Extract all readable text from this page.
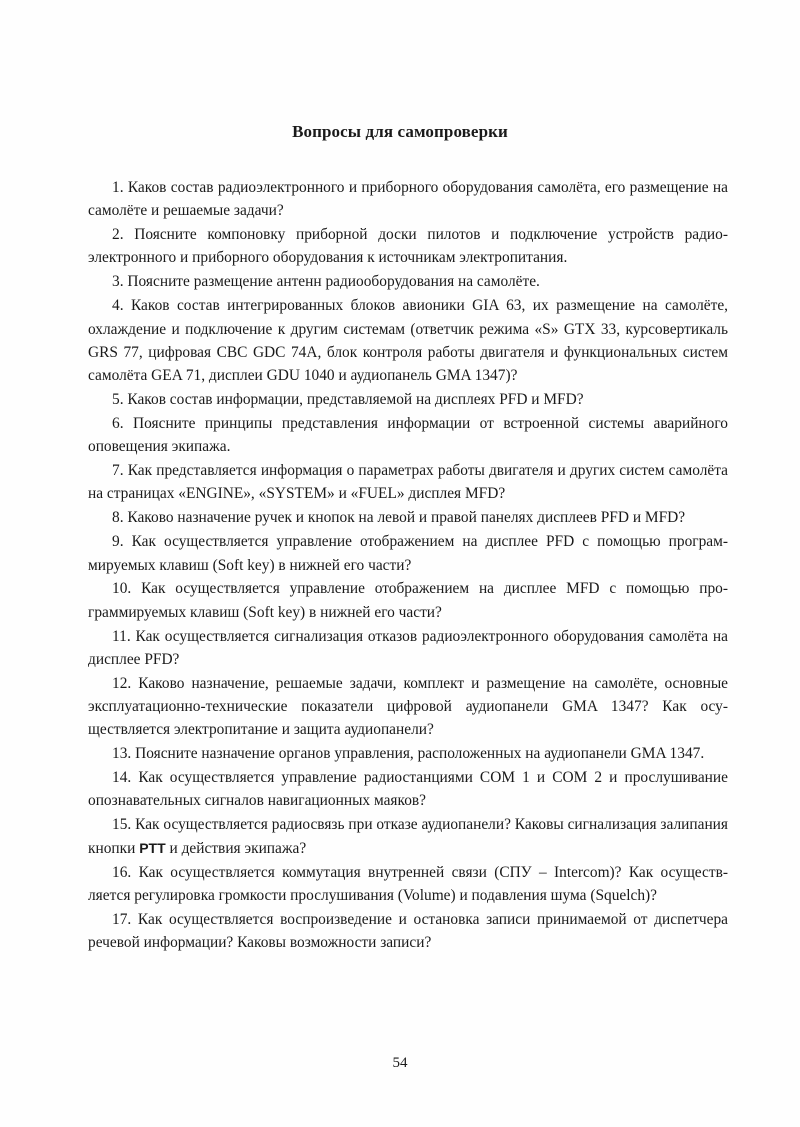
Вопросы для самопроверки

1. Каков состав радиоэлектронного и приборного оборудования самолёта, его размещение на самолёте и решаемые задачи?

2. Поясните компоновку приборной доски пилотов и подключение устройств радиоэлектронного и приборного оборудования к источникам электропитания.

3. Поясните размещение антенн радиооборудования на самолёте.

4. Каков состав интегрированных блоков авионики GIA 63, их размещение на самолёте, охлаждение и подключение к другим системам (ответчик режима «S» GTX 33, курсовертикаль GRS 77, цифровая СВС GDC 74A, блок контроля работы двигателя и функциональных систем самолёта GEA 71, дисплеи GDU 1040 и аудиопанель GMA 1347)?

5. Каков состав информации, представляемой на дисплеях PFD и MFD?

6. Поясните принципы представления информации от встроенной системы аварийного оповещения экипажа.

7. Как представляется информация о параметрах работы двигателя и других систем самолёта на страницах «ENGINE», «SYSTEM» и «FUEL» дисплея MFD?

8. Каково назначение ручек и кнопок на левой и правой панелях дисплеев PFD и MFD?

9. Как осуществляется управление отображением на дисплее PFD с помощью программируемых клавиш (Soft key) в нижней его части?

10. Как осуществляется управление отображением на дисплее MFD с помощью программируемых клавиш (Soft key) в нижней его части?

11. Как осуществляется сигнализация отказов радиоэлектронного оборудования самолёта на дисплее PFD?

12. Каково назначение, решаемые задачи, комплект и размещение на самолёте, основные эксплуатационно-технические показатели цифровой аудиопанели GMA 1347? Как осуществляется электропитание и защита аудиопанели?

13. Поясните назначение органов управления, расположенных на аудиопанели GMA 1347.

14. Как осуществляется управление радиостанциями COM 1 и COM 2 и прослушивание опознавательных сигналов навигационных маяков?

15. Как осуществляется радиосвязь при отказе аудиопанели? Каковы сигнализация залипания кнопки PTT и действия экипажа?

16. Как осуществляется коммутация внутренней связи (СПУ – Intercom)? Как осуществляется регулировка громкости прослушивания (Volume) и подавления шума (Squelch)?

17. Как осуществляется воспроизведение и остановка записи принимаемой от диспетчера речевой информации? Каковы возможности записи?

54
